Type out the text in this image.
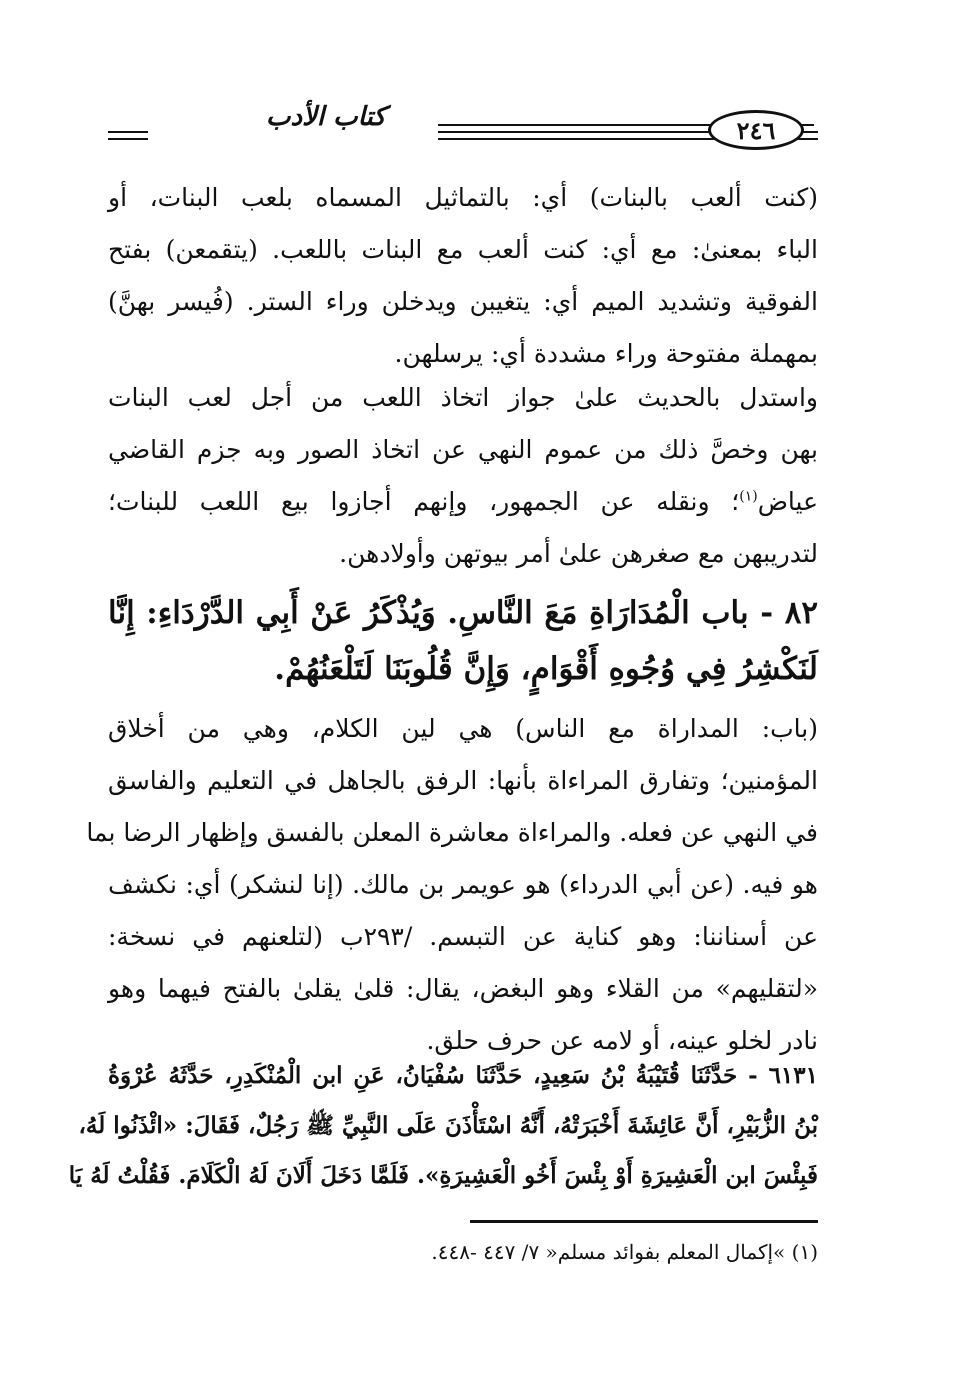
كتاب الأدب	٢٤٦
(كنت ألعب بالبنات) أي: بالتماثيل المسماه بلعب البنات، أو
الباء بمعنىٰ: مع أي: كنت ألعب مع البنات باللعب. (يتقمعن) بفتح
الفوقية وتشديد الميم أي: يتغيبن ويدخلن وراء الستر. (فُيسر بهنَّ)
بمهملة مفتوحة وراء مشددة أي: يرسلهن.
واستدل بالحديث علىٰ جواز اتخاذ اللعب من أجل لعب البنات
بهن وخصَّ ذلك من عموم النهي عن اتخاذ الصور وبه جزم القاضي
عياض$^{(١)}$؛ ونقله عن الجمهور، وإنهم أجازوا بيع اللعب للبنات؛
لتدريبهن مع صغرهن علىٰ أمر بيوتهن وأولادهن.
٨٢ - باب الْمُدَارَاةِ مَعَ النَّاسِ. وَيُذْكَرُ عَنْ أَبِي الدَّرْدَاءِ: إِنَّا
لَنَكْشِرُ فِي وُجُوهِ أَقْوَامٍ، وَإِنَّ قُلُوبَنَا لَتَلْعَنُهُمْ.
(باب: المداراة مع الناس) هي لين الكلام، وهي من أخلاق
المؤمنين؛ وتفارق المراءاة بأنها: الرفق بالجاهل في التعليم والفاسق
في النهي عن فعله. والمراءاة معاشرة المعلن بالفسق وإظهار الرضا بما
هو فيه. (عن أبي الدرداء) هو عويمر بن مالك. (إنا لنشكر) أي: نكشف
عن أسناننا: وهو كناية عن التبسم. /٢٩٣ب (لتلعنهم في نسخة:
«لتقليهم» من القلاء وهو البغض، يقال: قلىٰ يقلىٰ بالفتح فيهما وهو
نادر لخلو عينه، أو لامه عن حرف حلق.
٦١٣١ - حَدَّثَنَا قُتَيْبَةُ بْنُ سَعِيدٍ، حَدَّثَنَا سُفْيَانُ، عَنِ ابن الْمُنْكَدِرِ، حَدَّثَهُ عُرْوَةُ
بْنُ الزُّبَيْرِ، أَنَّ عَائِشَةَ أَخْبَرَتْهُ، أَنَّهُ اسْتَأْذَنَ عَلَى النَّبِيِّ ﷺ رَجُلٌ، فَقَالَ: «ائْذَنُوا لَهُ،
فَبِئْسَ ابن الْعَشِيرَةِ أَوْ بِئْسَ أَخُو الْعَشِيرَةِ». فَلَمَّا دَخَلَ أَلَانَ لَهُ الْكَلَامَ. فَقُلْتُ لَهُ يَا
(١) »إكمال المعلم بفوائد مسلم« ٧/ ٤٤٧ -٤٤٨.
